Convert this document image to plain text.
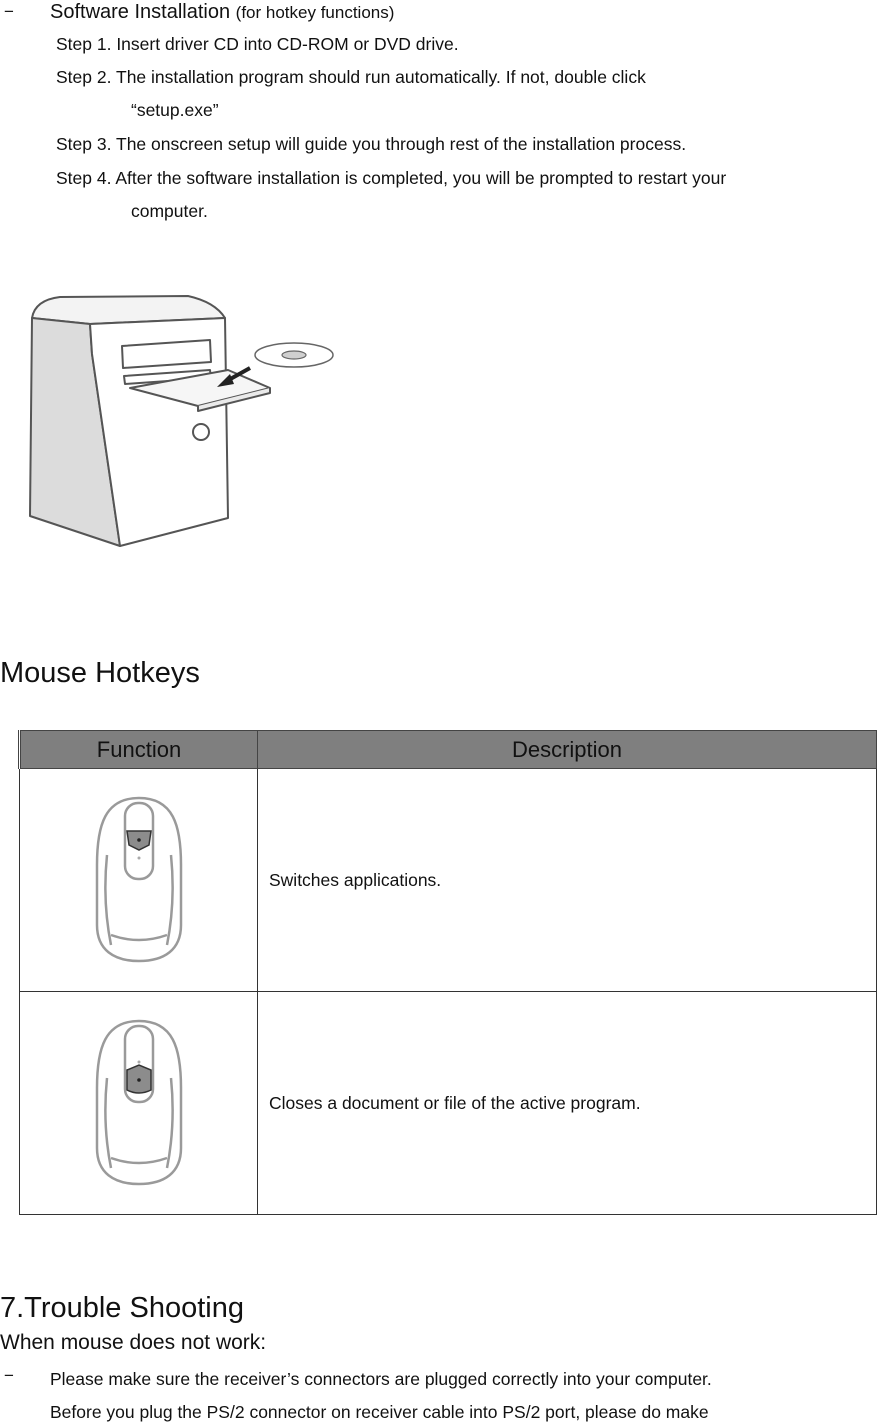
− Software Installation (for hotkey functions)
Step 1. Insert driver CD into CD-ROM or DVD drive.
Step 2. The installation program should run automatically. If not, double click
“setup.exe”
Step 3. The onscreen setup will guide you through rest of the installation process.
Step 4. After the software installation is completed, you will be prompted to restart your
computer.
Mouse Hotkeys
Function	Description

	Switches applications.

	Closes a document or file of the active program.
7.Trouble Shooting
When mouse does not work:
− Please make sure the receiver’s connectors are plugged correctly into your computer.
Before you plug the PS/2 connector on receiver cable into PS/2 port, please do make
